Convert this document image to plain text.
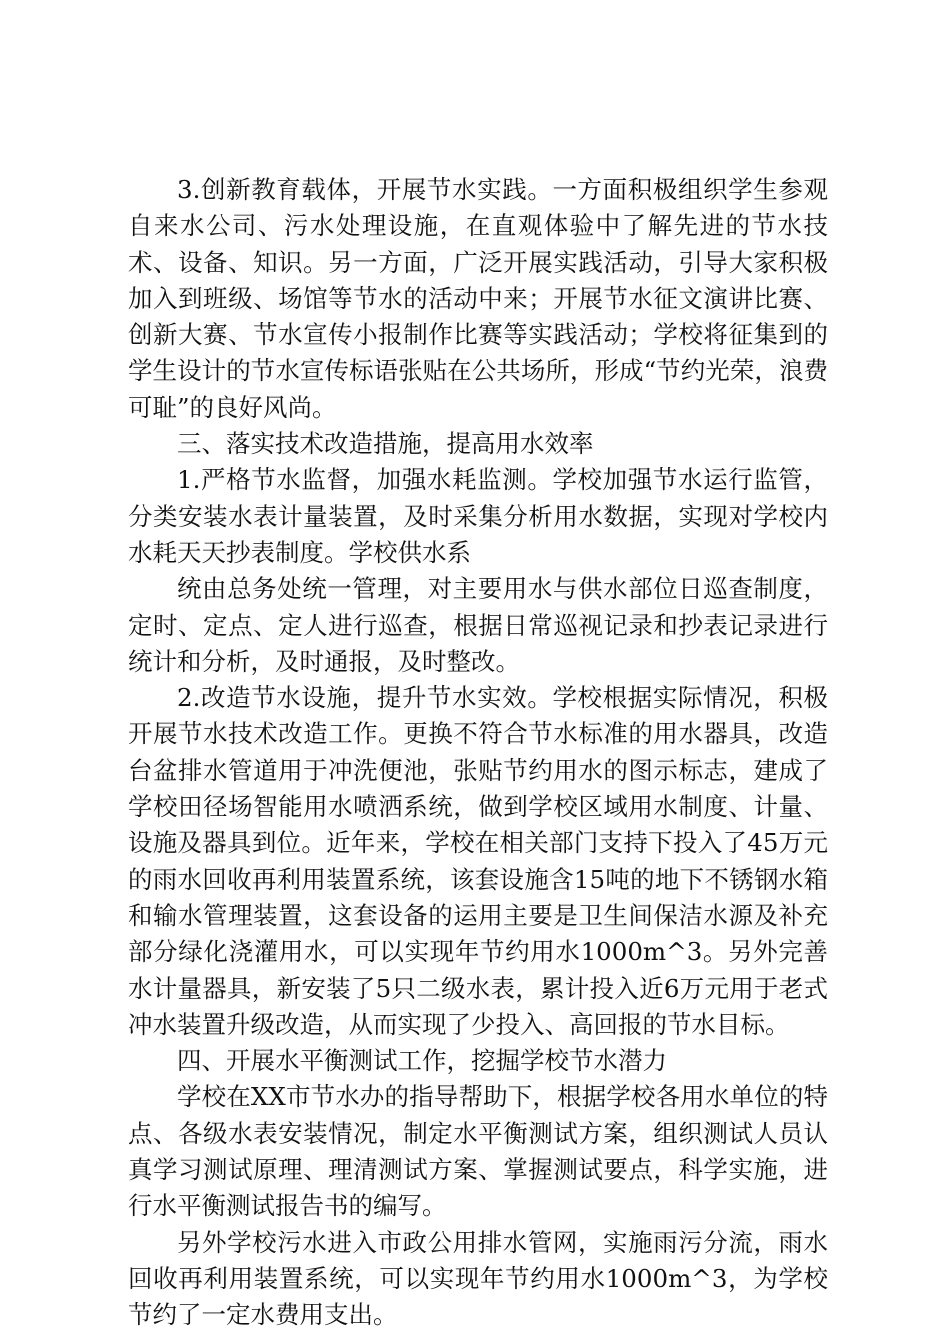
3.创新教育载体，开展节水实践。一方面积极组织学生参观自来水公司、污水处理设施，在直观体验中了解先进的节水技术、设备、知识。另一方面，广泛开展实践活动，引导大家积极加入到班级、场馆等节水的活动中来；开展节水征文演讲比赛、创新大赛、节水宣传小报制作比赛等实践活动；学校将征集到的学生设计的节水宣传标语张贴在公共场所，形成“节约光荣，浪费可耻”的良好风尚。

三、落实技术改造措施，提高用水效率

1.严格节水监督，加强水耗监测。学校加强节水运行监管，分类安装水表计量装置，及时采集分析用水数据，实现对学校内水耗天天抄表制度。学校供水系

统由总务处统一管理，对主要用水与供水部位日巡查制度，定时、定点、定人进行巡查，根据日常巡视记录和抄表记录进行统计和分析，及时通报，及时整改。

2.改造节水设施，提升节水实效。学校根据实际情况，积极开展节水技术改造工作。更换不符合节水标准的用水器具，改造台盆排水管道用于冲洗便池，张贴节约用水的图示标志，建成了学校田径场智能用水喷洒系统，做到学校区域用水制度、计量、设施及器具到位。近年来，学校在相关部门支持下投入了45万元的雨水回收再利用装置系统，该套设施含15吨的地下不锈钢水箱和输水管理装置，这套设备的运用主要是卫生间保洁水源及补充部分绿化浇灌用水，可以实现年节约用水1000m^3。另外完善水计量器具，新安装了5只二级水表，累计投入近6万元用于老式冲水装置升级改造，从而实现了少投入、高回报的节水目标。

四、开展水平衡测试工作，挖掘学校节水潜力

学校在XX市节水办的指导帮助下，根据学校各用水单位的特点、各级水表安装情况，制定水平衡测试方案，组织测试人员认真学习测试原理、理清测试方案、掌握测试要点，科学实施，进行水平衡测试报告书的编写。

另外学校污水进入市政公用排水管网，实施雨污分流，雨水回收再利用装置系统，可以实现年节约用水1000m^3，为学校节约了一定水费用支出。
